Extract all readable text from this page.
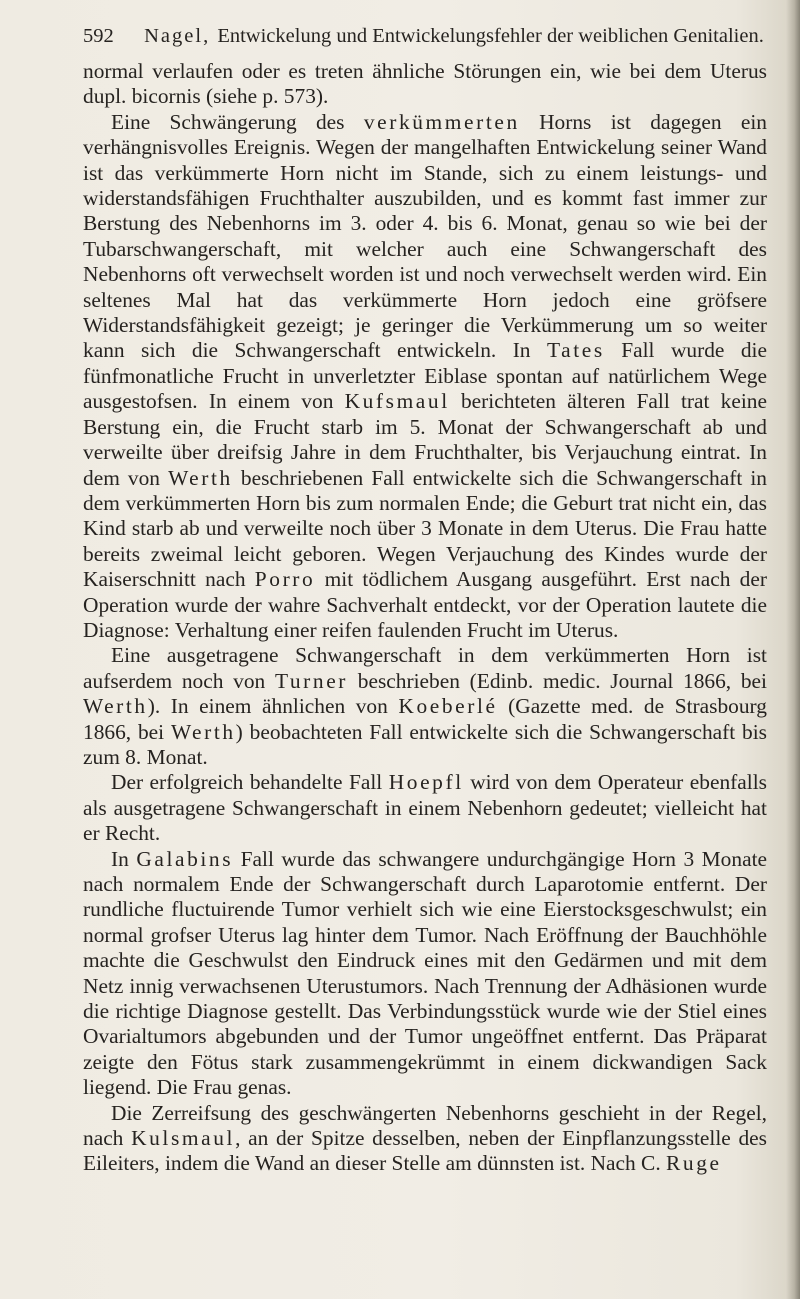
592 Nagel, Entwickelung und Entwickelungsfehler der weiblichen Genitalien.

normal verlaufen oder es treten ähnliche Störungen ein, wie bei dem Uterus dupl. bicornis (siehe p. 573).

Eine Schwängerung des verkümmerten Horns ist dagegen ein verhängnisvolles Ereignis. Wegen der mangelhaften Entwickelung seiner Wand ist das verkümmerte Horn nicht im Stande, sich zu einem leistungs- und widerstandsfähigen Fruchthalter auszubilden, und es kommt fast immer zur Berstung des Nebenhorns im 3. oder 4. bis 6. Monat, genau so wie bei der Tubarschwangerschaft, mit welcher auch eine Schwangerschaft des Nebenhorns oft verwechselt worden ist und noch verwechselt werden wird. Ein seltenes Mal hat das verkümmerte Horn jedoch eine gröfsere Widerstandsfähigkeit gezeigt; je geringer die Verkümmerung um so weiter kann sich die Schwangerschaft entwickeln. In Tates Fall wurde die fünfmonatliche Frucht in unverletzter Eiblase spontan auf natürlichem Wege ausgestofsen. In einem von Kufsmaul berichteten älteren Fall trat keine Berstung ein, die Frucht starb im 5. Monat der Schwangerschaft ab und verweilte über dreifsig Jahre in dem Fruchthalter, bis Verjauchung eintrat. In dem von Werth beschriebenen Fall entwickelte sich die Schwangerschaft in dem verkümmerten Horn bis zum normalen Ende; die Geburt trat nicht ein, das Kind starb ab und verweilte noch über 3 Monate in dem Uterus. Die Frau hatte bereits zweimal leicht geboren. Wegen Verjauchung des Kindes wurde der Kaiserschnitt nach Porro mit tödlichem Ausgang ausgeführt. Erst nach der Operation wurde der wahre Sachverhalt entdeckt, vor der Operation lautete die Diagnose: Verhaltung einer reifen faulenden Frucht im Uterus.

Eine ausgetragene Schwangerschaft in dem verkümmerten Horn ist aufserdem noch von Turner beschrieben (Edinb. medic. Journal 1866, bei Werth). In einem ähnlichen von Koeberlé (Gazette med. de Strasbourg 1866, bei Werth) beobachteten Fall entwickelte sich die Schwangerschaft bis zum 8. Monat.

Der erfolgreich behandelte Fall Hoepfl wird von dem Operateur ebenfalls als ausgetragene Schwangerschaft in einem Nebenhorn gedeutet; vielleicht hat er Recht.

In Galabins Fall wurde das schwangere undurchgängige Horn 3 Monate nach normalem Ende der Schwangerschaft durch Laparotomie entfernt. Der rundliche fluctuirende Tumor verhielt sich wie eine Eierstocksgeschwulst; ein normal grofser Uterus lag hinter dem Tumor. Nach Eröffnung der Bauchhöhle machte die Geschwulst den Eindruck eines mit den Gedärmen und mit dem Netz innig verwachsenen Uterustumors. Nach Trennung der Adhäsionen wurde die richtige Diagnose gestellt. Das Verbindungsstück wurde wie der Stiel eines Ovarialtumors abgebunden und der Tumor ungeöffnet entfernt. Das Präparat zeigte den Fötus stark zusammengekrümmt in einem dickwandigen Sack liegend. Die Frau genas.

Die Zerreifsung des geschwängerten Nebenhorns geschieht in der Regel, nach Kulsmaul, an der Spitze desselben, neben der Einpflanzungsstelle des Eileiters, indem die Wand an dieser Stelle am dünnsten ist. Nach C. Ruge
